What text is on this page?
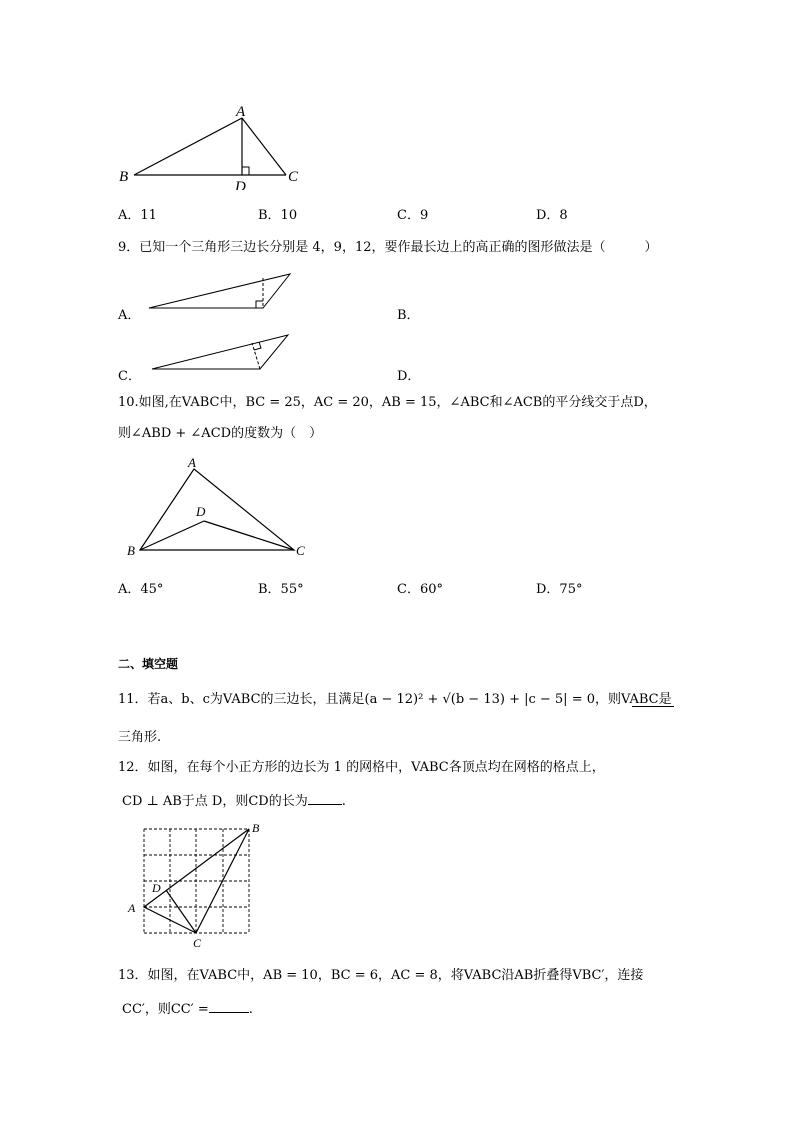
A
B	C
D
A．11	B．10	C．9	D．8
9．已知一个三角形三边长分别是 4，9，12，要作最长边上的高正确的图形做法是（　　　）
A．	B．
C．	D．
10.如图,在VABC中，BC = 25，AC = 20，AB = 15，∠ABC和∠ACB的平分线交于点D，
则∠ABD + ∠ACD的度数为（　）
A
B	C
D
A．45°	B．55°	C．60°	D．75°
二、填空题
11．若a、b、c为VABC的三边长，且满足(a − 12)² + √(b − 13) + |c − 5| = 0，则VABC是
三角形.
12．如图，在每个小正方形的边长为 1 的网格中，VABC各顶点均在网格的格点上，
CD ⊥ AB于点 D，则CD的长为	.
A
B
C
D
13．如图，在VABC中，AB = 10，BC = 6，AC = 8，将VABC沿AB折叠得VBC′，连接
CC′，则CC′ =	.
